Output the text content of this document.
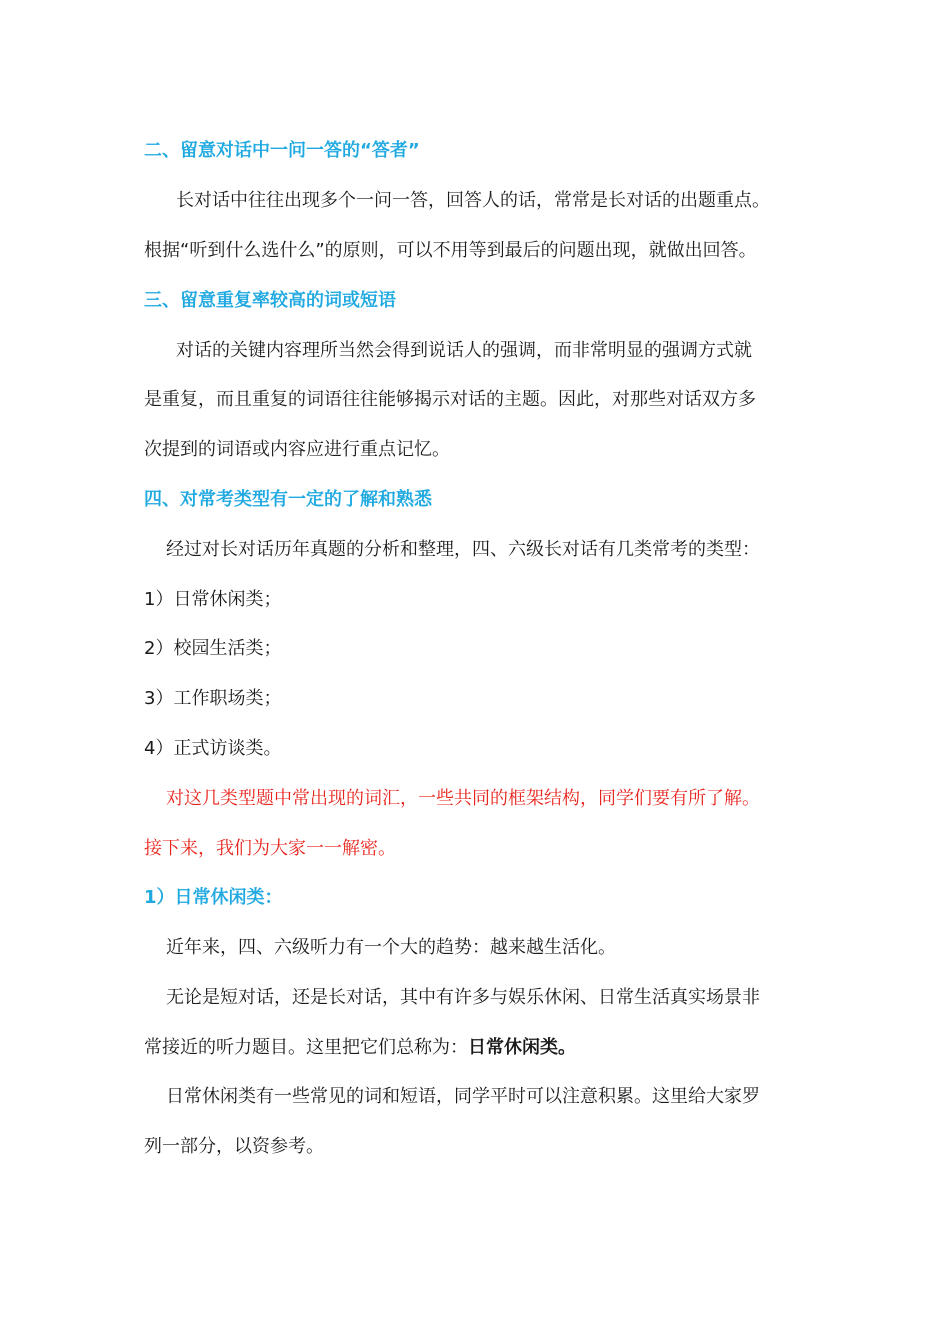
二、留意对话中一问一答的“答者”
长对话中往往出现多个一问一答，回答人的话，常常是长对话的出题重点。
根据“听到什么选什么”的原则，可以不用等到最后的问题出现，就做出回答。
三、留意重复率较高的词或短语
对话的关键内容理所当然会得到说话人的强调，而非常明显的强调方式就
是重复，而且重复的词语往往能够揭示对话的主题。因此，对那些对话双方多
次提到的词语或内容应进行重点记忆。
四、对常考类型有一定的了解和熟悉
经过对长对话历年真题的分析和整理，四、六级长对话有几类常考的类型：
1）日常休闲类；
2）校园生活类；
3）工作职场类；
4）正式访谈类。
对这几类型题中常出现的词汇，一些共同的框架结构，同学们要有所了解。
接下来，我们为大家一一解密。
1）日常休闲类：
近年来，四、六级听力有一个大的趋势：越来越生活化。
无论是短对话，还是长对话，其中有许多与娱乐休闲、日常生活真实场景非
常接近的听力题目。这里把它们总称为：日常休闲类。
日常休闲类有一些常见的词和短语，同学平时可以注意积累。这里给大家罗
列一部分，以资参考。
